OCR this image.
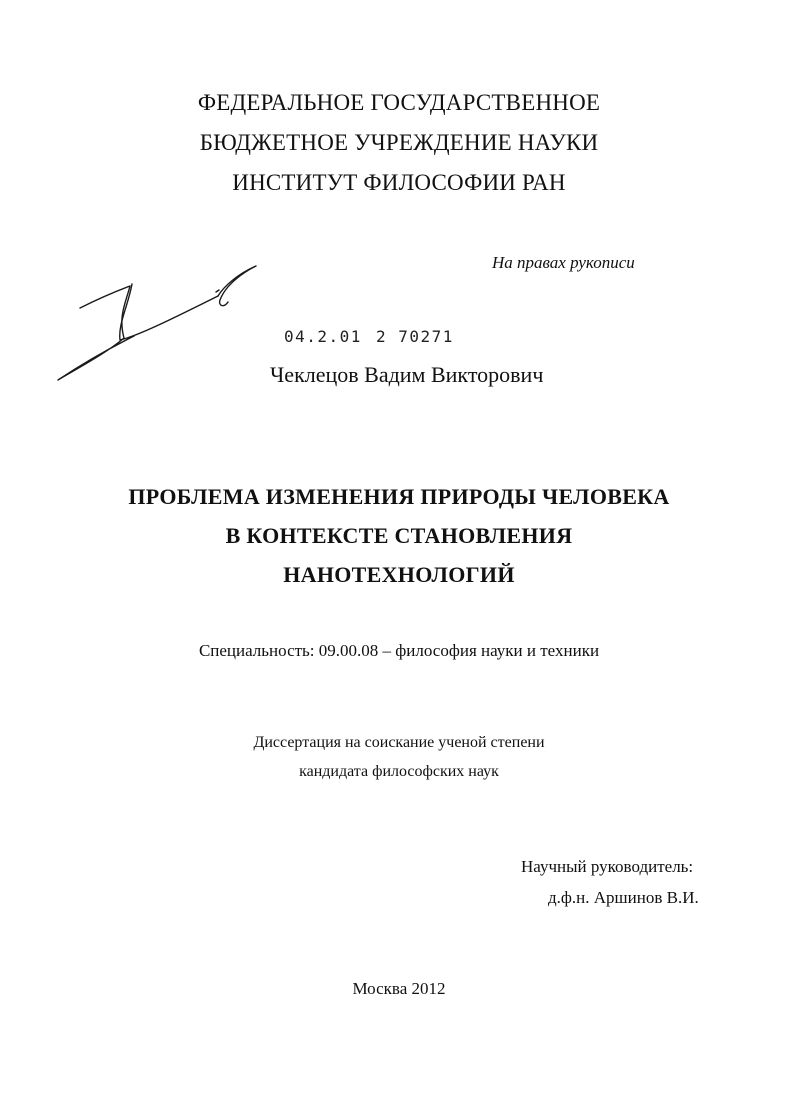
ФЕДЕРАЛЬНОЕ ГОСУДАРСТВЕННОЕ
БЮДЖЕТНОЕ УЧРЕЖДЕНИЕ НАУКИ
ИНСТИТУТ ФИЛОСОФИИ РАН
На правах рукописи
04.2.01 2 70271
Чеклецов Вадим Викторович
ПРОБЛЕМА ИЗМЕНЕНИЯ ПРИРОДЫ ЧЕЛОВЕКА
В КОНТЕКСТЕ СТАНОВЛЕНИЯ
НАНОТЕХНОЛОГИЙ
Специальность: 09.00.08 – философия науки и техники
Диссертация на соискание ученой степени
кандидата философских наук
Научный руководитель:
д.ф.н. Аршинов В.И.
Москва 2012
